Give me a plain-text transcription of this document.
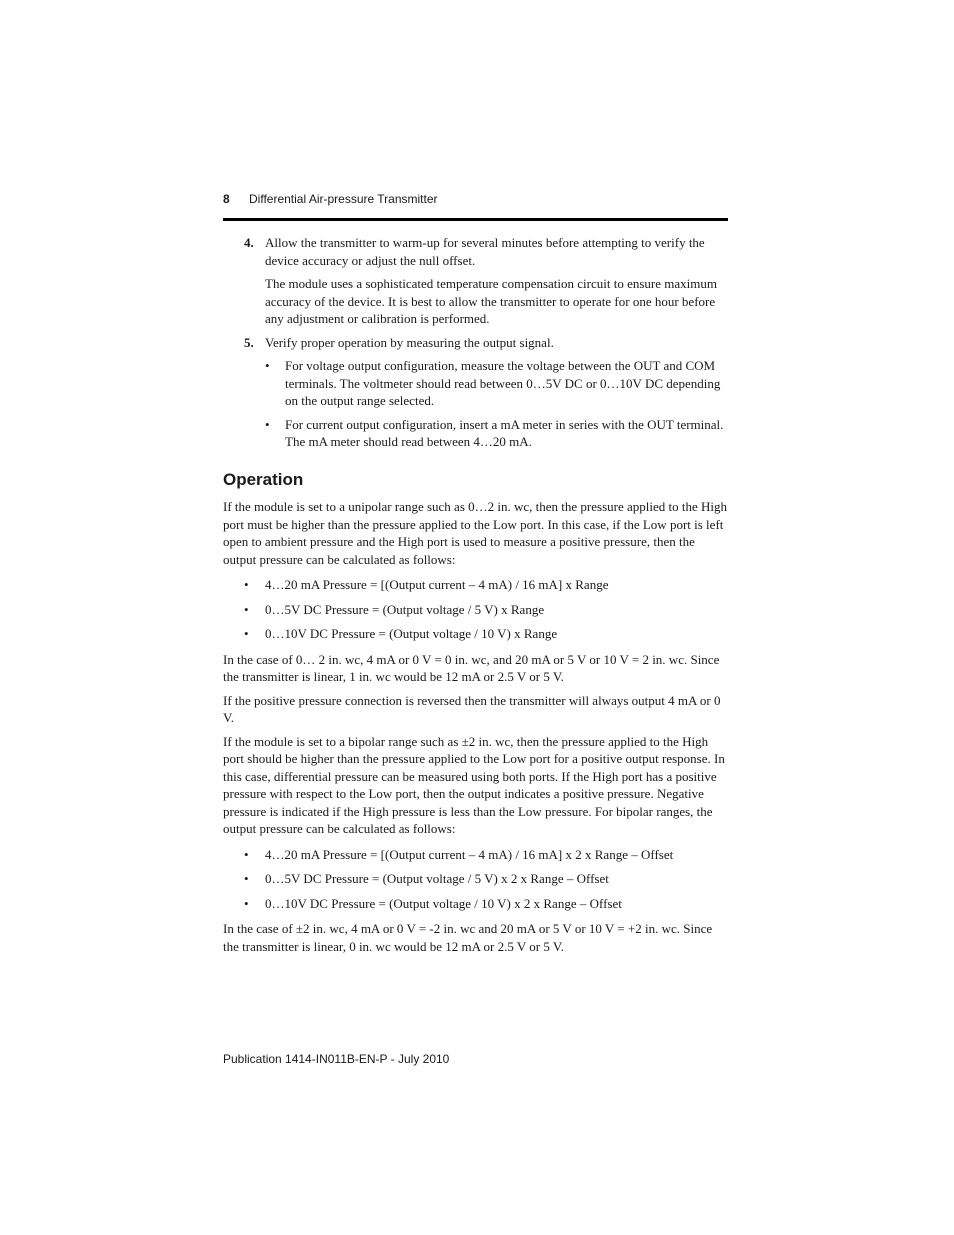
8 Differential Air-pressure Transmitter
4. Allow the transmitter to warm-up for several minutes before attempting to verify the device accuracy or adjust the null offset.

The module uses a sophisticated temperature compensation circuit to ensure maximum accuracy of the device. It is best to allow the transmitter to operate for one hour before any adjustment or calibration is performed.

5. Verify proper operation by measuring the output signal.

• For voltage output configuration, measure the voltage between the OUT and COM terminals. The voltmeter should read between 0…5V DC or 0…10V DC depending on the output range selected.
• For current output configuration, insert a mA meter in series with the OUT terminal. The mA meter should read between 4…20 mA.
Operation

If the module is set to a unipolar range such as 0…2 in. wc, then the pressure applied to the High port must be higher than the pressure applied to the Low port. In this case, if the Low port is left open to ambient pressure and the High port is used to measure a positive pressure, then the output pressure can be calculated as follows:

• 4…20 mA Pressure = [(Output current – 4 mA) / 16 mA] x Range
• 0…5V DC Pressure = (Output voltage / 5 V) x Range
• 0…10V DC Pressure = (Output voltage / 10 V) x Range

In the case of 0… 2 in. wc, 4 mA or 0 V = 0 in. wc, and 20 mA or 5 V or 10 V = 2 in. wc. Since the transmitter is linear, 1 in. wc would be 12 mA or 2.5 V or 5 V.

If the positive pressure connection is reversed then the transmitter will always output 4 mA or 0 V.

If the module is set to a bipolar range such as ±2 in. wc, then the pressure applied to the High port should be higher than the pressure applied to the Low port for a positive output response. In this case, differential pressure can be measured using both ports. If the High port has a positive pressure with respect to the Low port, then the output indicates a positive pressure. Negative pressure is indicated if the High pressure is less than the Low pressure. For bipolar ranges, the output pressure can be calculated as follows:

• 4…20 mA Pressure = [(Output current – 4 mA) / 16 mA] x 2 x Range – Offset
• 0…5V DC Pressure = (Output voltage / 5 V) x 2 x Range – Offset
• 0…10V DC Pressure = (Output voltage / 10 V) x 2 x Range – Offset

In the case of ±2 in. wc, 4 mA or 0 V = -2 in. wc and 20 mA or 5 V or 10 V = +2 in. wc. Since the transmitter is linear, 0 in. wc would be 12 mA or 2.5 V or 5 V.

Publication 1414-IN011B-EN-P - July 2010
